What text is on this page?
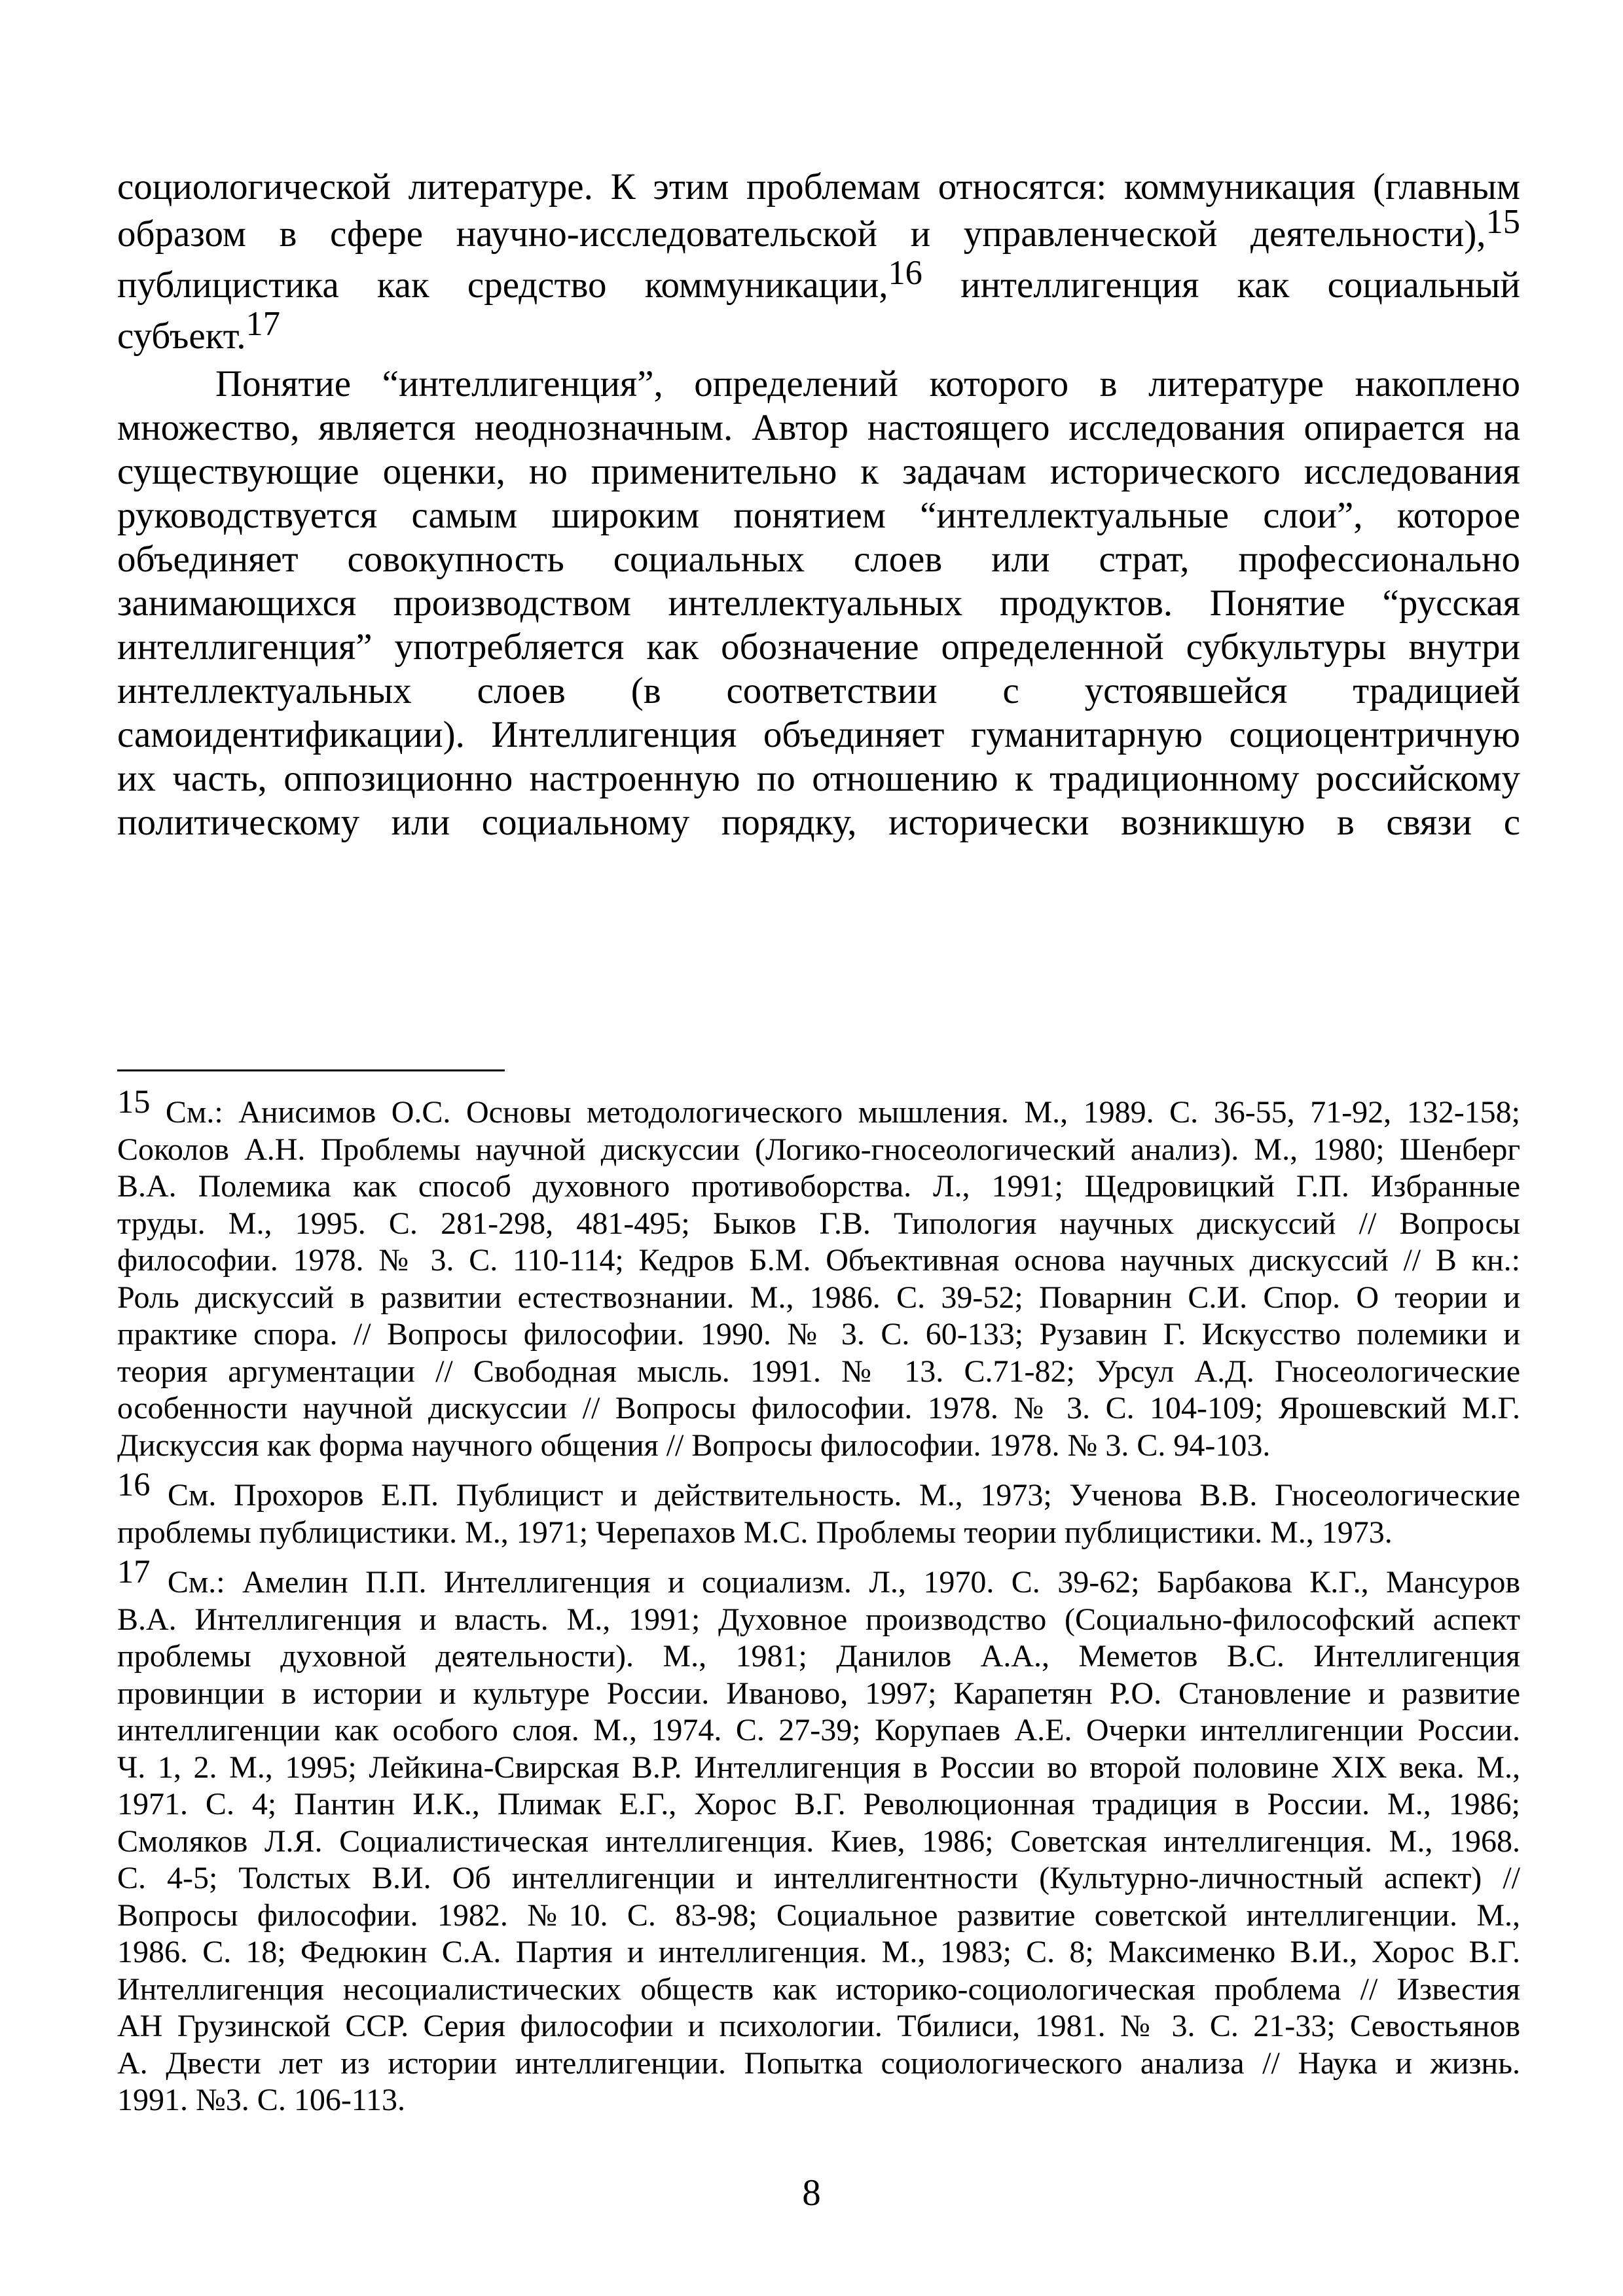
социологической литературе. К этим проблемам относятся: коммуникация (главным
образом в сфере научно-исследовательской и управленческой деятельности),$^{15}$
публицистика как средство коммуникации,$^{16}$ интеллигенция как социальный
субъект.$^{17}$
Понятие “интеллигенция”, определений которого в литературе накоплено
множество, является неоднозначным. Автор настоящего исследования опирается на
существующие оценки, но применительно к задачам исторического исследования
руководствуется самым широким понятием “интеллектуальные слои”, которое
объединяет совокупность социальных слоев или страт, профессионально
занимающихся производством интеллектуальных продуктов. Понятие “русская
интеллигенция” употребляется как обозначение определенной субкультуры внутри
интеллектуальных слоев (в соответствии с устоявшейся традицией
самоидентификации). Интеллигенция объединяет гуманитарную социоцентричную
их часть, оппозиционно настроенную по отношению к традиционному российскому
политическому или социальному порядку, исторически возникшую в связи с
$^{15}$ См.: Анисимов О.С. Основы методологического мышления. М., 1989. С. 36-55, 71-92, 132-158;
Соколов А.Н. Проблемы научной дискуссии (Логико-гносеологический анализ). М., 1980; Шенберг
В.А. Полемика как способ духовного противоборства. Л., 1991; Щедровицкий Г.П. Избранные
труды. М., 1995. С. 281-298, 481-495; Быков Г.В. Типология научных дискуссий // Вопросы
философии. 1978. № 3. С. 110-114; Кедров Б.М. Объективная основа научных дискуссий // В кн.:
Роль дискуссий в развитии естествознании. М., 1986. С. 39-52; Поварнин С.И. Спор. О теории и
практике спора. // Вопросы философии. 1990. № 3. С. 60-133; Рузавин Г. Искусство полемики и
теория аргументации // Свободная мысль. 1991. № 13. С.71-82; Урсул А.Д. Гносеологические
особенности научной дискуссии // Вопросы философии. 1978. № 3. С. 104-109; Ярошевский М.Г.
Дискуссия как форма научного общения // Вопросы философии. 1978. № 3. С. 94-103.
$^{16}$ См. Прохоров Е.П. Публицист и действительность. М., 1973; Ученова В.В. Гносеологические
проблемы публицистики. М., 1971; Черепахов М.С. Проблемы теории публицистики. М., 1973.
$^{17}$ См.: Амелин П.П. Интеллигенция и социализм. Л., 1970. С. 39-62; Барбакова К.Г., Мансуров
В.А. Интеллигенция и власть. М., 1991; Духовное производство (Социально-философский аспект
проблемы духовной деятельности). М., 1981; Данилов А.А., Меметов В.С. Интеллигенция
провинции в истории и культуре России. Иваново, 1997; Карапетян Р.О. Становление и развитие
интеллигенции как особого слоя. М., 1974. С. 27-39; Корупаев А.Е. Очерки интеллигенции России.
Ч. 1, 2. М., 1995; Лейкина-Свирская В.Р. Интеллигенция в России во второй половине XIX века. М.,
1971. С. 4; Пантин И.К., Плимак Е.Г., Хорос В.Г. Революционная традиция в России. М., 1986;
Смоляков Л.Я. Социалистическая интеллигенция. Киев, 1986; Советская интеллигенция. М., 1968.
С. 4-5; Толстых В.И. Об интеллигенции и интеллигентности (Культурно-личностный аспект) //
Вопросы философии. 1982. №10. С. 83-98; Социальное развитие советской интеллигенции. М.,
1986. С. 18; Федюкин С.А. Партия и интеллигенция. М., 1983; С. 8; Максименко В.И., Хорос В.Г.
Интеллигенция несоциалистических обществ как историко-социологическая проблема // Известия
АН Грузинской ССР. Серия философии и психологии. Тбилиси, 1981. № 3. С. 21-33; Севостьянов
А. Двести лет из истории интеллигенции. Попытка социологического анализа // Наука и жизнь.
1991. №3. С. 106-113.
8
